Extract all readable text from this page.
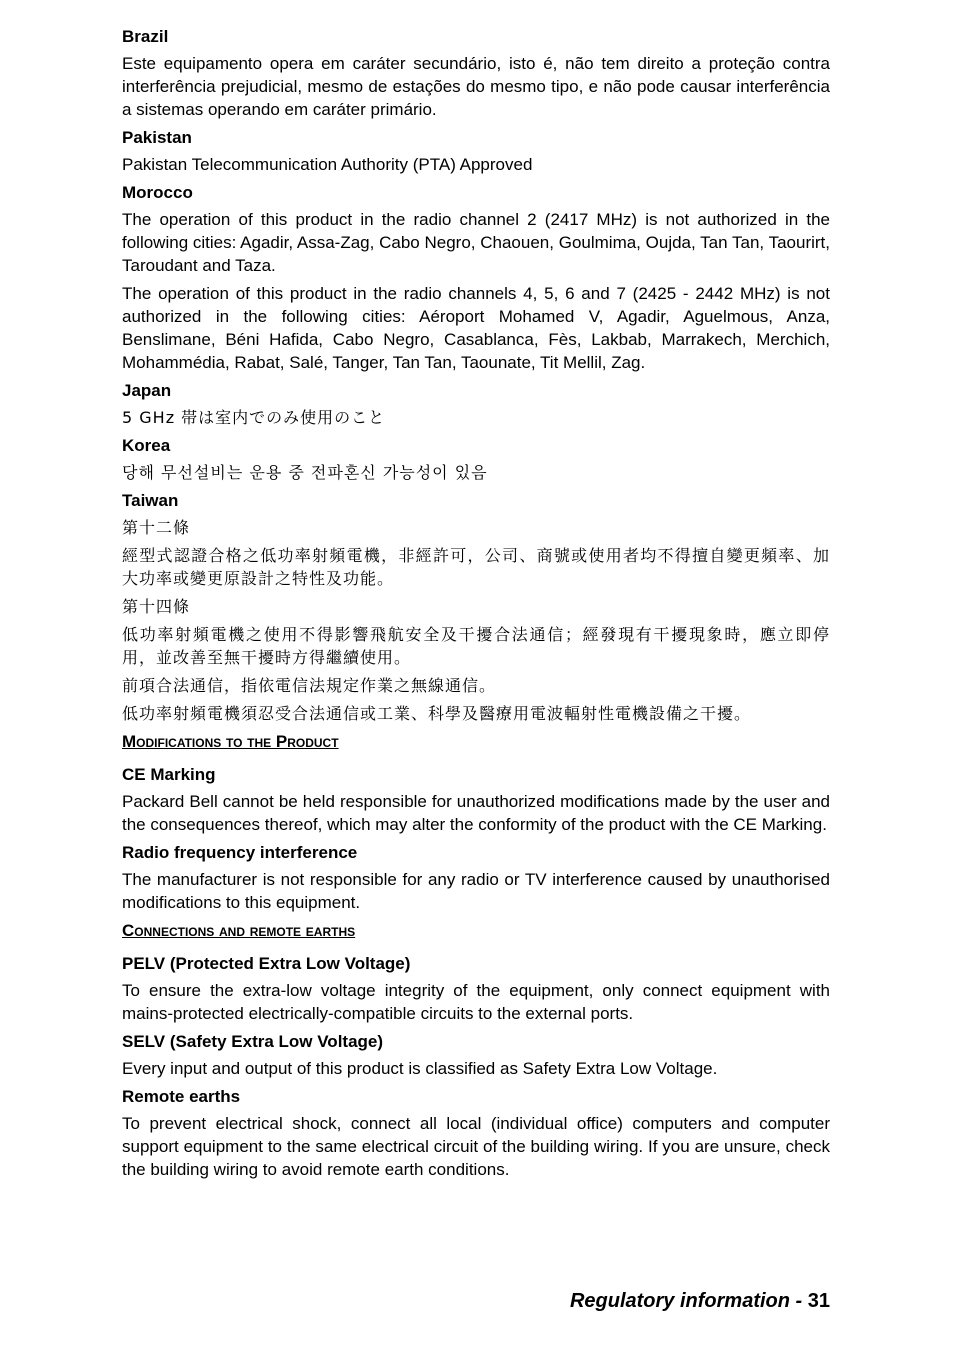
Brazil
Este equipamento opera em caráter secundário, isto é, não tem direito a proteção contra interferência prejudicial, mesmo de estações do mesmo tipo, e não pode causar interferência a sistemas operando em caráter primário.
Pakistan
Pakistan Telecommunication Authority (PTA) Approved
Morocco
The operation of this product in the radio channel 2 (2417 MHz) is not authorized in the following cities: Agadir, Assa-Zag, Cabo Negro, Chaouen, Goulmima, Oujda, Tan Tan, Taourirt, Taroudant and Taza.
The operation of this product in the radio channels 4, 5, 6 and 7 (2425 - 2442 MHz) is not authorized in the following cities: Aéroport Mohamed V, Agadir, Aguelmous, Anza, Benslimane, Béni Hafida, Cabo Negro, Casablanca, Fès, Lakbab, Marrakech, Merchich, Mohammédia, Rabat, Salé, Tanger, Tan Tan, Taounate, Tit Mellil, Zag.
Japan
5 GHz 帯は室内でのみ使用のこと
Korea
당해 무선설비는 운용 중 전파혼신 가능성이 있음
Taiwan
第十二條
經型式認證合格之低功率射頻電機，非經許可，公司、商號或使用者均不得擅自變更頻率、加大功率或變更原設計之特性及功能。
第十四條
低功率射頻電機之使用不得影響飛航安全及干擾合法通信；經發現有干擾現象時，應立即停用，並改善至無干擾時方得繼續使用。
前項合法通信，指依電信法規定作業之無線通信。
低功率射頻電機須忍受合法通信或工業、科學及醫療用電波輻射性電機設備之干擾。
Modifications to the Product
CE Marking
Packard Bell cannot be held responsible for unauthorized modifications made by the user and the consequences thereof, which may alter the conformity of the product with the CE Marking.
Radio frequency interference
The manufacturer is not responsible for any radio or TV interference caused by unauthorised modifications to this equipment.
Connections and remote earths
PELV (Protected Extra Low Voltage)
To ensure the extra-low voltage integrity of the equipment, only connect equipment with mains-protected electrically-compatible circuits to the external ports.
SELV (Safety Extra Low Voltage)
Every input and output of this product is classified as Safety Extra Low Voltage.
Remote earths
To prevent electrical shock, connect all local (individual office) computers and computer support equipment to the same electrical circuit of the building wiring. If you are unsure, check the building wiring to avoid remote earth conditions.
Regulatory information - 31
